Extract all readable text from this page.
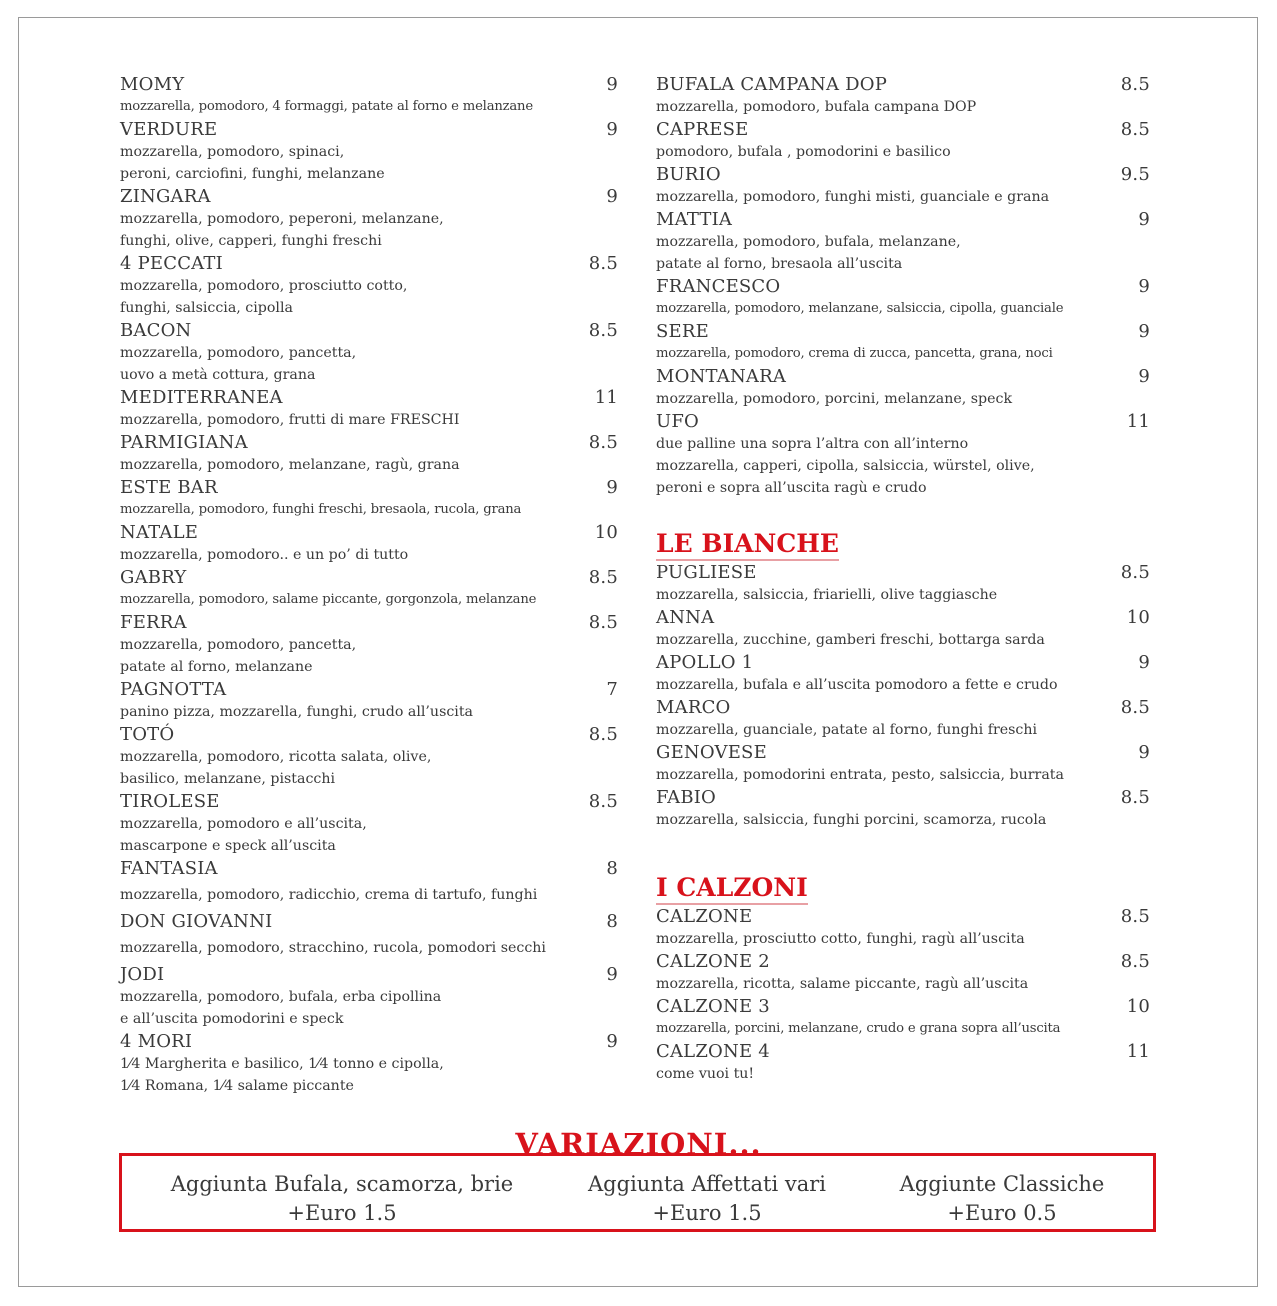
MOMY	9
mozzarella, pomodoro, 4 formaggi, patate al forno e melanzane
VERDURE	9
mozzarella, pomodoro, spinaci,
peroni, carciofini, funghi, melanzane
ZINGARA	9
mozzarella, pomodoro, peperoni, melanzane,
funghi, olive, capperi, funghi freschi
4 PECCATI	8.5
mozzarella, pomodoro, prosciutto cotto,
funghi, salsiccia, cipolla
BACON	8.5
mozzarella, pomodoro, pancetta,
uovo a metà cottura, grana
MEDITERRANEA	11
mozzarella, pomodoro, frutti di mare FRESCHI
PARMIGIANA	8.5
mozzarella, pomodoro, melanzane, ragù, grana
ESTE BAR	9
mozzarella, pomodoro, funghi freschi, bresaola, rucola, grana
NATALE	10
mozzarella, pomodoro.. e un po’ di tutto
GABRY	8.5
mozzarella, pomodoro, salame piccante, gorgonzola, melanzane
FERRA	8.5
mozzarella, pomodoro, pancetta,
patate al forno, melanzane
PAGNOTTA	7
panino pizza, mozzarella, funghi, crudo all’uscita
TOTÓ	8.5
mozzarella, pomodoro, ricotta salata, olive,
basilico, melanzane, pistacchi
TIROLESE	8.5
mozzarella, pomodoro e all’uscita,
mascarpone e speck all’uscita
FANTASIA	8
mozzarella, pomodoro, radicchio, crema di tartufo, funghi
DON GIOVANNI	8
mozzarella, pomodoro, stracchino, rucola, pomodori secchi
JODI	9
mozzarella, pomodoro, bufala, erba cipollina
e all’uscita pomodorini e speck
4 MORI	9
1⁄4 Margherita e basilico, 1⁄4 tonno e cipolla,
1⁄4 Romana, 1⁄4 salame piccante
BUFALA CAMPANA DOP	8.5
mozzarella, pomodoro, bufala campana DOP
CAPRESE	8.5
pomodoro, bufala , pomodorini e basilico
BURIO	9.5
mozzarella, pomodoro, funghi misti, guanciale e grana
MATTIA	9
mozzarella, pomodoro, bufala, melanzane,
patate al forno, bresaola all’uscita
FRANCESCO	9
mozzarella, pomodoro, melanzane, salsiccia, cipolla, guanciale
SERE	9
mozzarella, pomodoro, crema di zucca, pancetta, grana, noci
MONTANARA	9
mozzarella, pomodoro, porcini, melanzane, speck
UFO	11
due palline una sopra l’altra con all’interno
mozzarella, capperi, cipolla, salsiccia, würstel, olive,
peroni e sopra all’uscita ragù e crudo
LE BIANCHE
PUGLIESE	8.5
mozzarella, salsiccia, friarielli, olive taggiasche
ANNA	10
mozzarella, zucchine, gamberi freschi, bottarga sarda
APOLLO 1	9
mozzarella, bufala e all’uscita pomodoro a fette e crudo
MARCO	8.5
mozzarella, guanciale, patate al forno, funghi freschi
GENOVESE	9
mozzarella, pomodorini entrata, pesto, salsiccia, burrata
FABIO	8.5
mozzarella, salsiccia, funghi porcini, scamorza, rucola
I CALZONI
CALZONE	8.5
mozzarella, prosciutto cotto, funghi, ragù all’uscita
CALZONE 2	8.5
mozzarella, ricotta, salame piccante, ragù all’uscita
CALZONE 3	10
mozzarella, porcini, melanzane, crudo e grana sopra all’uscita
CALZONE 4	11
come vuoi tu!
VARIAZIONI...
Aggiunta Bufala, scamorza, brie
+Euro 1.5
Aggiunta Affettati vari
+Euro 1.5
Aggiunte Classiche
+Euro 0.5
